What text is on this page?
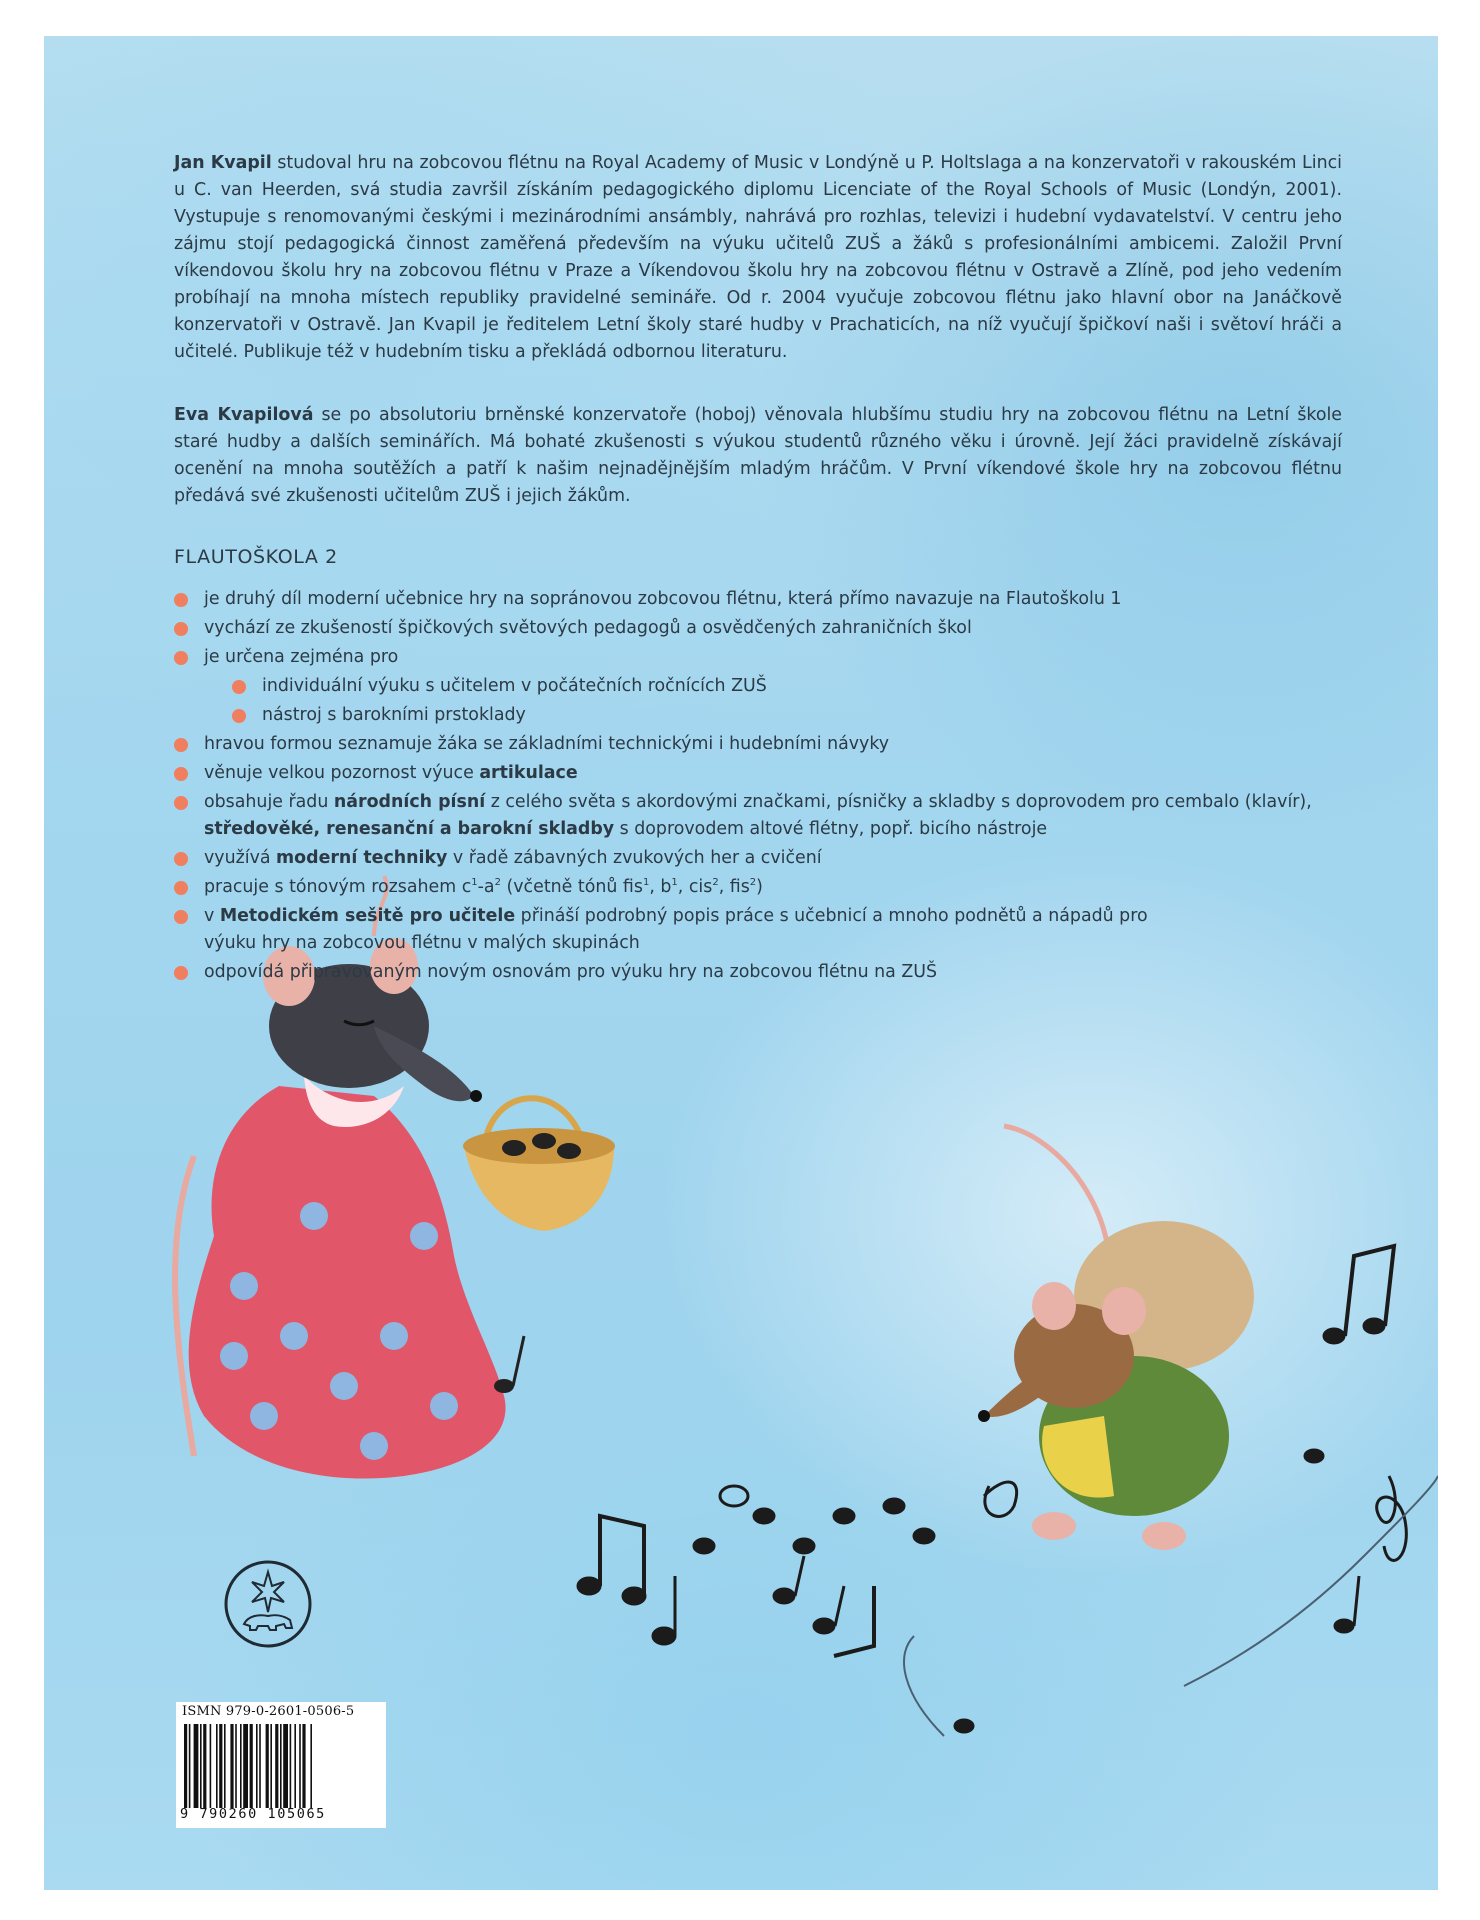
Jan Kvapil studoval hru na zobcovou flétnu na Royal Academy of Music v Londýně u P. Holtslaga a na konzervatoři v rakouském Linci u C. van Heerden, svá studia završil získáním pedagogického diplomu Licenciate of the Royal Schools of Music (Londýn, 2001). Vystupuje s renomovanými českými i mezinárodními ansámbly, nahrává pro rozhlas, televizi i hudební vydavatelství. V centru jeho zájmu stojí pedagogická činnost zaměřená především na výuku učitelů ZUŠ a žáků s profesionálními ambicemi. Založil První víkendovou školu hry na zobcovou flétnu v Praze a Víkendovou školu hry na zobcovou flétnu v Ostravě a Zlíně, pod jeho vedením probíhají na mnoha místech republiky pravidelné semináře. Od r. 2004 vyučuje zobcovou flétnu jako hlavní obor na Janáčkově konzervatoři v Ostravě. Jan Kvapil je ředitelem Letní školy staré hudby v Prachaticích, na níž vyučují špičkoví naši i světoví hráči a učitelé. Publikuje též v hudebním tisku a překládá odbornou literaturu.

Eva Kvapilová se po absolutoriu brněnské konzervatoře (hoboj) věnovala hlubšímu studiu hry na zobcovou flétnu na Letní škole staré hudby a dalších seminářích. Má bohaté zkušenosti s výukou studentů různého věku i úrovně. Její žáci pravidelně získávají ocenění na mnoha soutěžích a patří k našim nejnadějnějším mladým hráčům. V První víkendové škole hry na zobcovou flétnu předává své zkušenosti učitelům ZUŠ i jejich žákům.

FLAUTOŠKOLA 2
je druhý díl moderní učebnice hry na sopránovou zobcovou flétnu, která přímo navazuje na Flautoškolu 1
vychází ze zkušeností špičkových světových pedagogů a osvědčených zahraničních škol
je určena zejména pro
individuální výuku s učitelem v počátečních ročnících ZUŠ
nástroj s barokními prstoklady
hravou formou seznamuje žáka se základními technickými i hudebními návyky
věnuje velkou pozornost výuce artikulace
obsahuje řadu národních písní z celého světa s akordovými značkami, písničky a skladby s doprovodem pro cembalo (klavír), středověké, renesanční a barokní skladby s doprovodem altové flétny, popř. bicího nástroje
využívá moderní techniky v řadě zábavných zvukových her a cvičení
pracuje s tónovým rozsahem $c^1-a^2$ (včetně tónů fis$^1$, $b^1$, cis$^2$, fis$^2$)
v Metodickém sešitě pro učitele přináší podrobný popis práce s učebnicí a mnoho podnětů a nápadů pro výuku hry na zobcovou flétnu v malých skupinách
odpovídá připravovaným novým osnovám pro výuku hry na zobcovou flétnu na ZUŠ
ISMN 979-0-2601-0506-5
9 790260 105065
